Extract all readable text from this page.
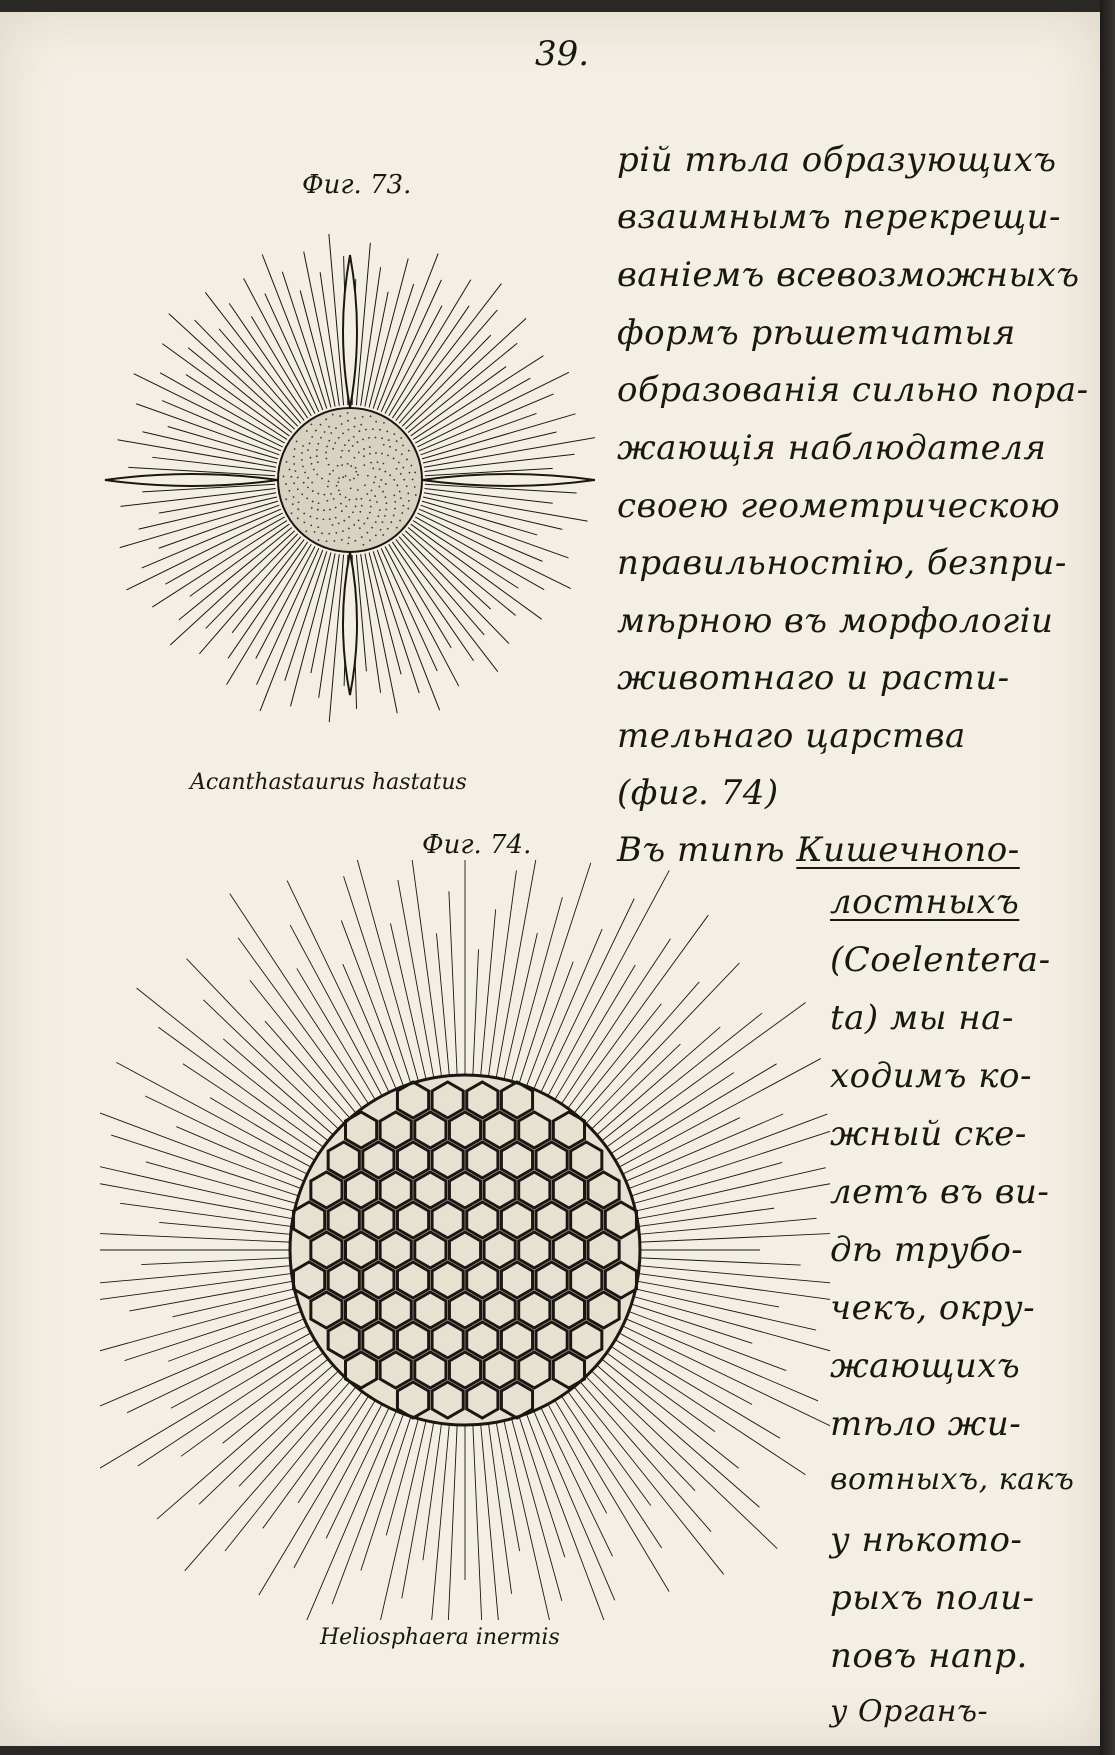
39.
Фиг. 73.
Acanthastaurus hastatus
Фиг. 74.
Heliosphaera inermis
рій тѣла образующихъ
взаимнымъ перекрещи-
ваніемъ всевозможныхъ
формъ рѣшетчатыя
образованія сильно пора-
жающія наблюдателя
своею геометрическою
правильностію, безпри-
мѣрною въ морфологіи
животнаго и расти-
тельнаго царства
(фиг. 74)
Въ типѣ Кишечнопо-
лостныхъ
(Coelentera-
ta) мы на-
ходимъ ко-
жный ске-
летъ въ ви-
дѣ трубо-
чекъ, окру-
жающихъ
тѣло жи-
вотныхъ, какъ
у нѣкото-
рыхъ поли-
повъ напр.
у Органъ-
